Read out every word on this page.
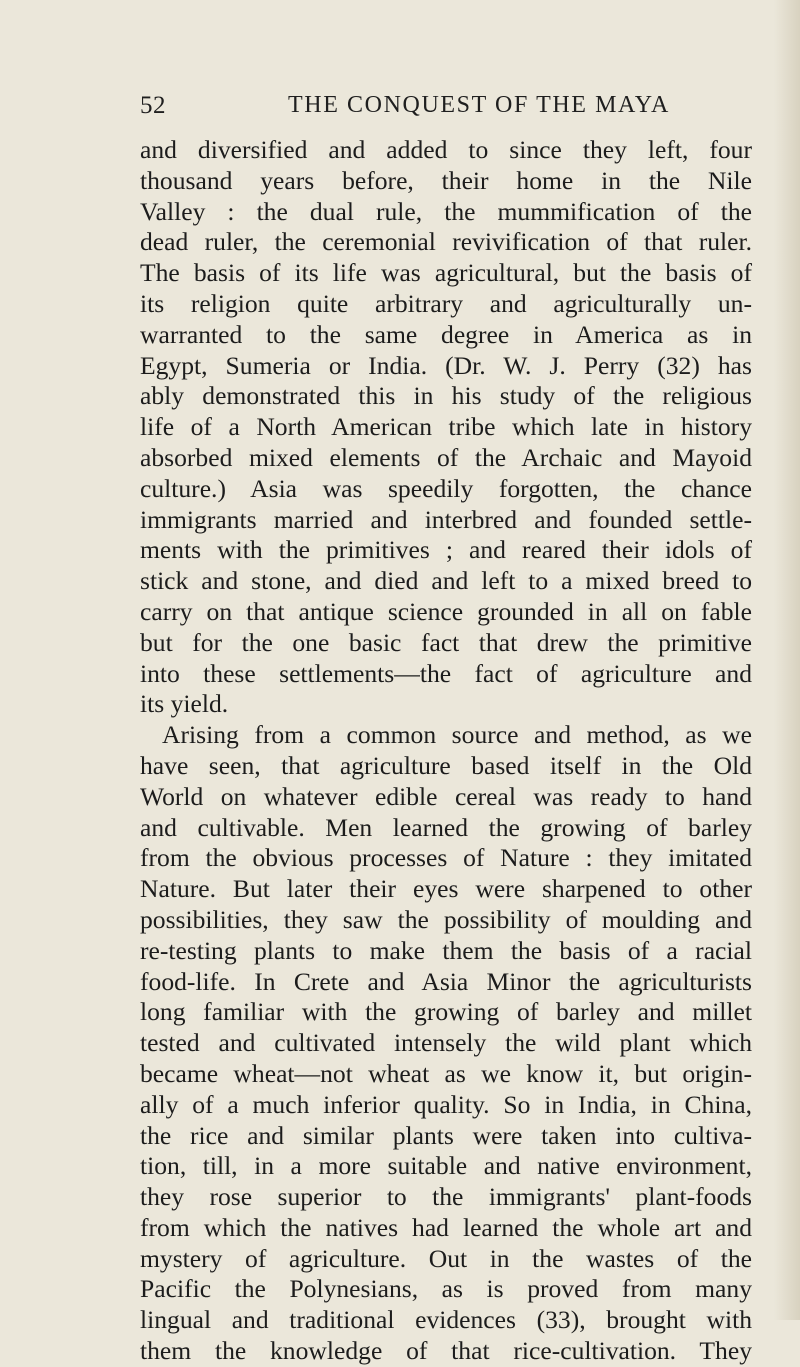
52	THE CONQUEST OF THE MAYA
and diversified and added to since they left, four
thousand years before, their home in the Nile
Valley : the dual rule, the mummification of the
dead ruler, the ceremonial revivification of that ruler.
The basis of its life was agricultural, but the basis of
its religion quite arbitrary and agriculturally un-
warranted to the same degree in America as in
Egypt, Sumeria or India. (Dr. W. J. Perry (32) has
ably demonstrated this in his study of the religious
life of a North American tribe which late in history
absorbed mixed elements of the Archaic and Mayoid
culture.) Asia was speedily forgotten, the chance
immigrants married and interbred and founded settle-
ments with the primitives ; and reared their idols of
stick and stone, and died and left to a mixed breed to
carry on that antique science grounded in all on fable
but for the one basic fact that drew the primitive
into these settlements—the fact of agriculture and
its yield.
Arising from a common source and method, as we
have seen, that agriculture based itself in the Old
World on whatever edible cereal was ready to hand
and cultivable. Men learned the growing of barley
from the obvious processes of Nature : they imitated
Nature. But later their eyes were sharpened to other
possibilities, they saw the possibility of moulding and
re-testing plants to make them the basis of a racial
food-life. In Crete and Asia Minor the agriculturists
long familiar with the growing of barley and millet
tested and cultivated intensely the wild plant which
became wheat—not wheat as we know it, but origin-
ally of a much inferior quality. So in India, in China,
the rice and similar plants were taken into cultiva-
tion, till, in a more suitable and native environment,
they rose superior to the immigrants' plant-foods
from which the natives had learned the whole art and
mystery of agriculture. Out in the wastes of the
Pacific the Polynesians, as is proved from many
lingual and traditional evidences (33), brought with
them the knowledge of that rice-cultivation. They
